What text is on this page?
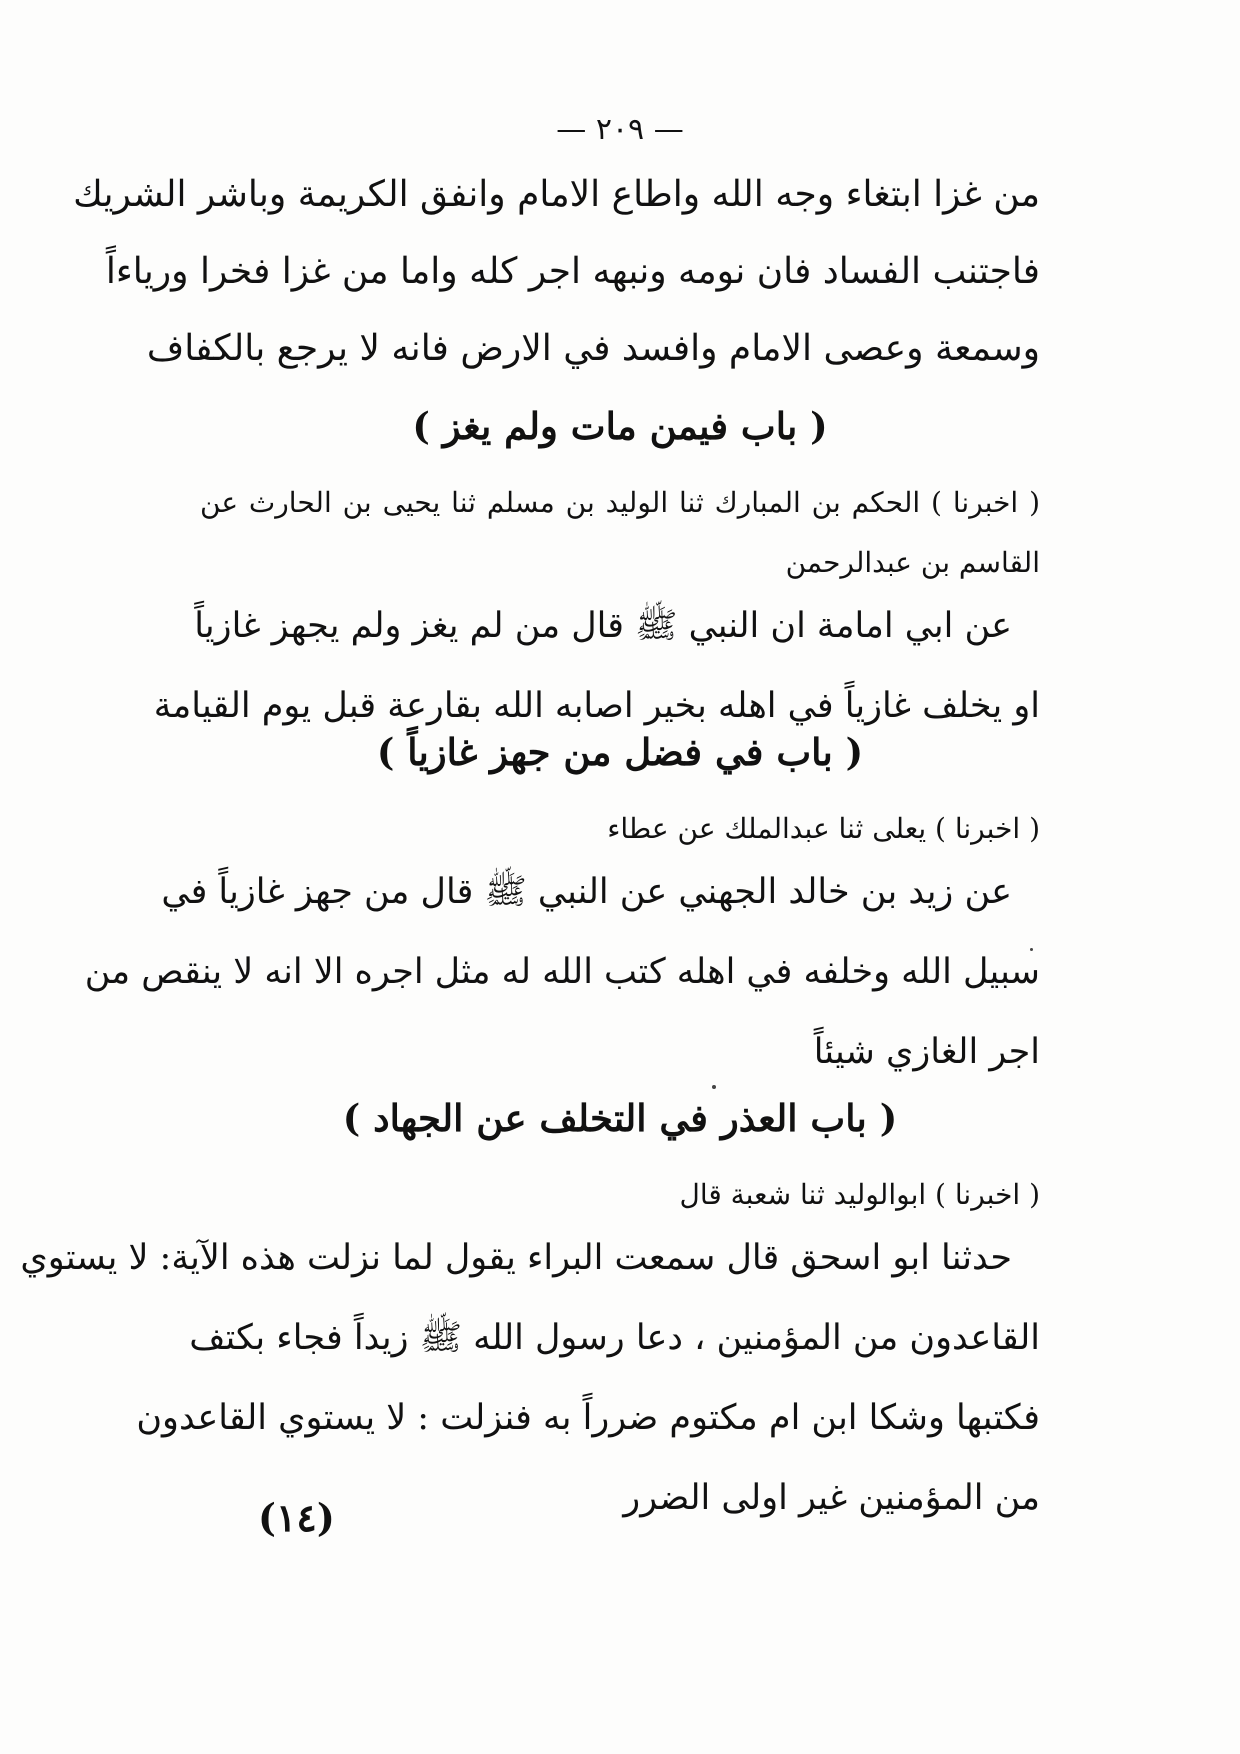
— ٢٠٩ —
من غزا ابتغاء وجه الله واطاع الامام وانفق الكريمة وباشر الشريك
فاجتنب الفساد فان نومه ونبهه اجر كله واما من غزا فخرا ورياءاً
وسمعة وعصى الامام وافسد في الارض فانه لا يرجع بالكفاف
( باب فيمن مات ولم يغز )
( اخبرنا ) الحكم بن المبارك ثنا الوليد بن مسلم ثنا يحيى بن الحارث عن
القاسم بن عبدالرحمن
عن ابي امامة ان النبي ﷺ قال من لم يغز ولم يجهز غازياً
او يخلف غازياً في اهله بخير اصابه الله بقارعة قبل يوم القيامة
( باب في فضل من جهز غازياً )
( اخبرنا ) يعلى ثنا عبدالملك عن عطاء
عن زيد بن خالد الجهني عن النبي ﷺ قال من جهز غازياً في
سبيل الله وخلفه في اهله كتب الله له مثل اجره الا انه لا ينقص من
اجر الغازي شيئاً
( باب العذر في التخلف عن الجهاد )
( اخبرنا ) ابوالوليد ثنا شعبة قال
حدثنا ابو اسحق قال سمعت البراء يقول لما نزلت هذه الآية: لا يستوي
القاعدون من المؤمنين ، دعا رسول الله ﷺ زيداً فجاء بكتف
فكتبها وشكا ابن ام مكتوم ضرراً به فنزلت : لا يستوي القاعدون
من المؤمنين غير اولى الضرر
(١٤)
